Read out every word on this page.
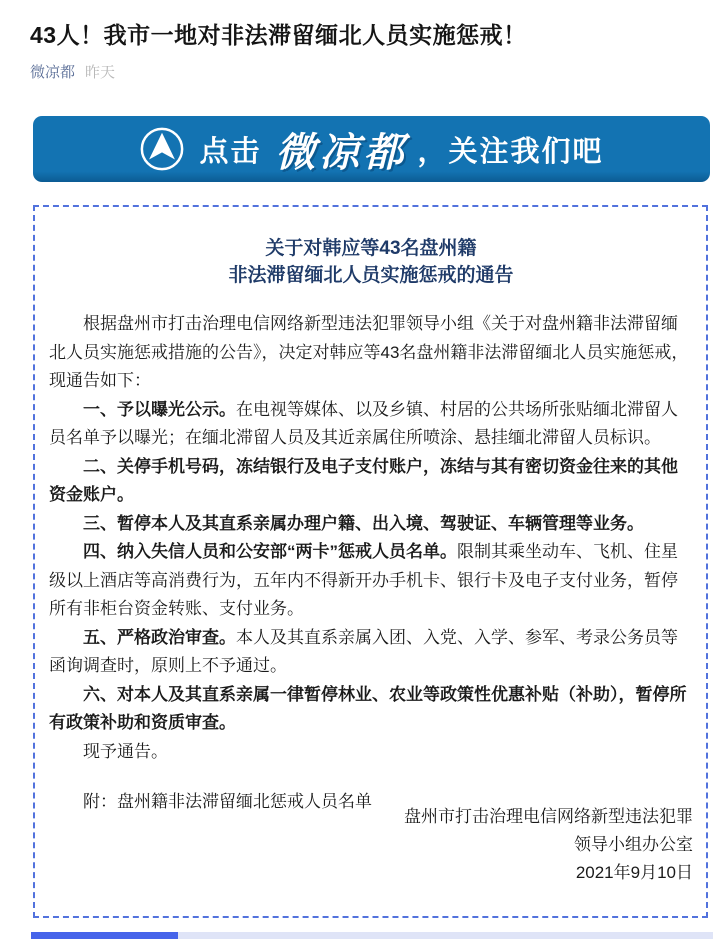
43人！我市一地对非法滞留缅北人员实施惩戒！
微凉都 昨天
点击 微凉都 ，关注我们吧
关于对韩应等43名盘州籍
非法滞留缅北人员实施惩戒的通告

根据盘州市打击治理电信网络新型违法犯罪领导小组《关于对盘州籍非法滞留缅北人员实施惩戒措施的公告》，决定对韩应等43名盘州籍非法滞留缅北人员实施惩戒，现通告如下：

一、予以曝光公示。在电视等媒体、以及乡镇、村居的公共场所张贴缅北滞留人员名单予以曝光；在缅北滞留人员及其近亲属住所喷涂、悬挂缅北滞留人员标识。

二、关停手机号码，冻结银行及电子支付账户，冻结与其有密切资金往来的其他资金账户。

三、暂停本人及其直系亲属办理户籍、出入境、驾驶证、车辆管理等业务。

四、纳入失信人员和公安部“两卡”惩戒人员名单。限制其乘坐动车、飞机、住星级以上酒店等高消费行为，五年内不得新开办手机卡、银行卡及电子支付业务，暂停所有非柜台资金转账、支付业务。

五、严格政治审查。本人及其直系亲属入团、入党、入学、参军、考录公务员等函询调查时，原则上不予通过。

六、对本人及其直系亲属一律暂停林业、农业等政策性优惠补贴（补助），暂停所有政策补助和资质审查。

现予通告。

附：盘州籍非法滞留缅北惩戒人员名单

盘州市打击治理电信网络新型违法犯罪
领导小组办公室
2021年9月10日
